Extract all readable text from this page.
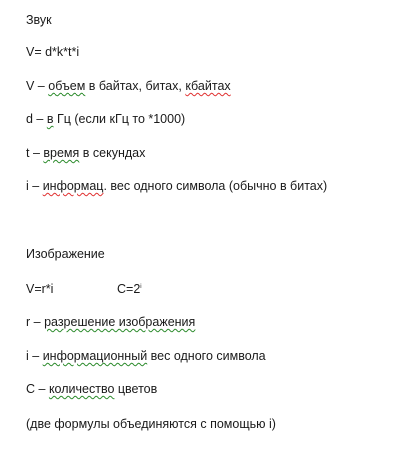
Звук
V= d*k*t*i
V – объем в байтах, битах, кбайтах
d – в Гц (если кГц то *1000)
t – время в секундах
i – информац. вес одного символа (обычно в битах)
Изображение
V=r*i	$C=2^i$
r – разрешение изображения
i – информационный вес одного символа
C – количество цветов
(две формулы объединяются с помощью i)
